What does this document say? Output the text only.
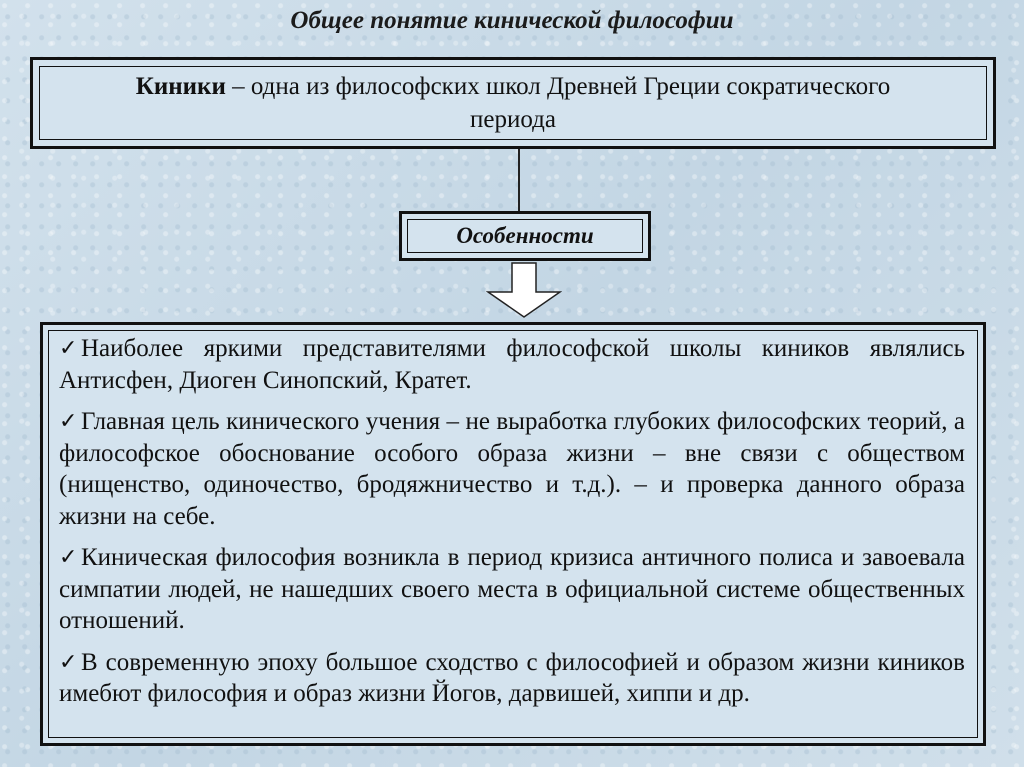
Общее понятие кинической философии
Киники – одна из философских школ Древней Греции сократического периода
Особенности
✓ Наиболее яркими представителями философской школы киников являлись Антисфен, Диоген Синопский, Кратет.
✓ Главная цель кинического учения – не выработка глубоких философских теорий, а философское обоснование особого образа жизни – вне связи с обществом (нищенство, одиночество, бродяжничество и т.д.). – и проверка данного образа жизни на себе.
✓ Киническая философия возникла в период кризиса античного полиса и завоевала симпатии людей, не нашедших своего места в официальной системе общественных отношений.
✓ В современную эпоху большое сходство с философией и образом жизни киников имебют философия и образ жизни Йогов, дарвишей, хиппи и др.
